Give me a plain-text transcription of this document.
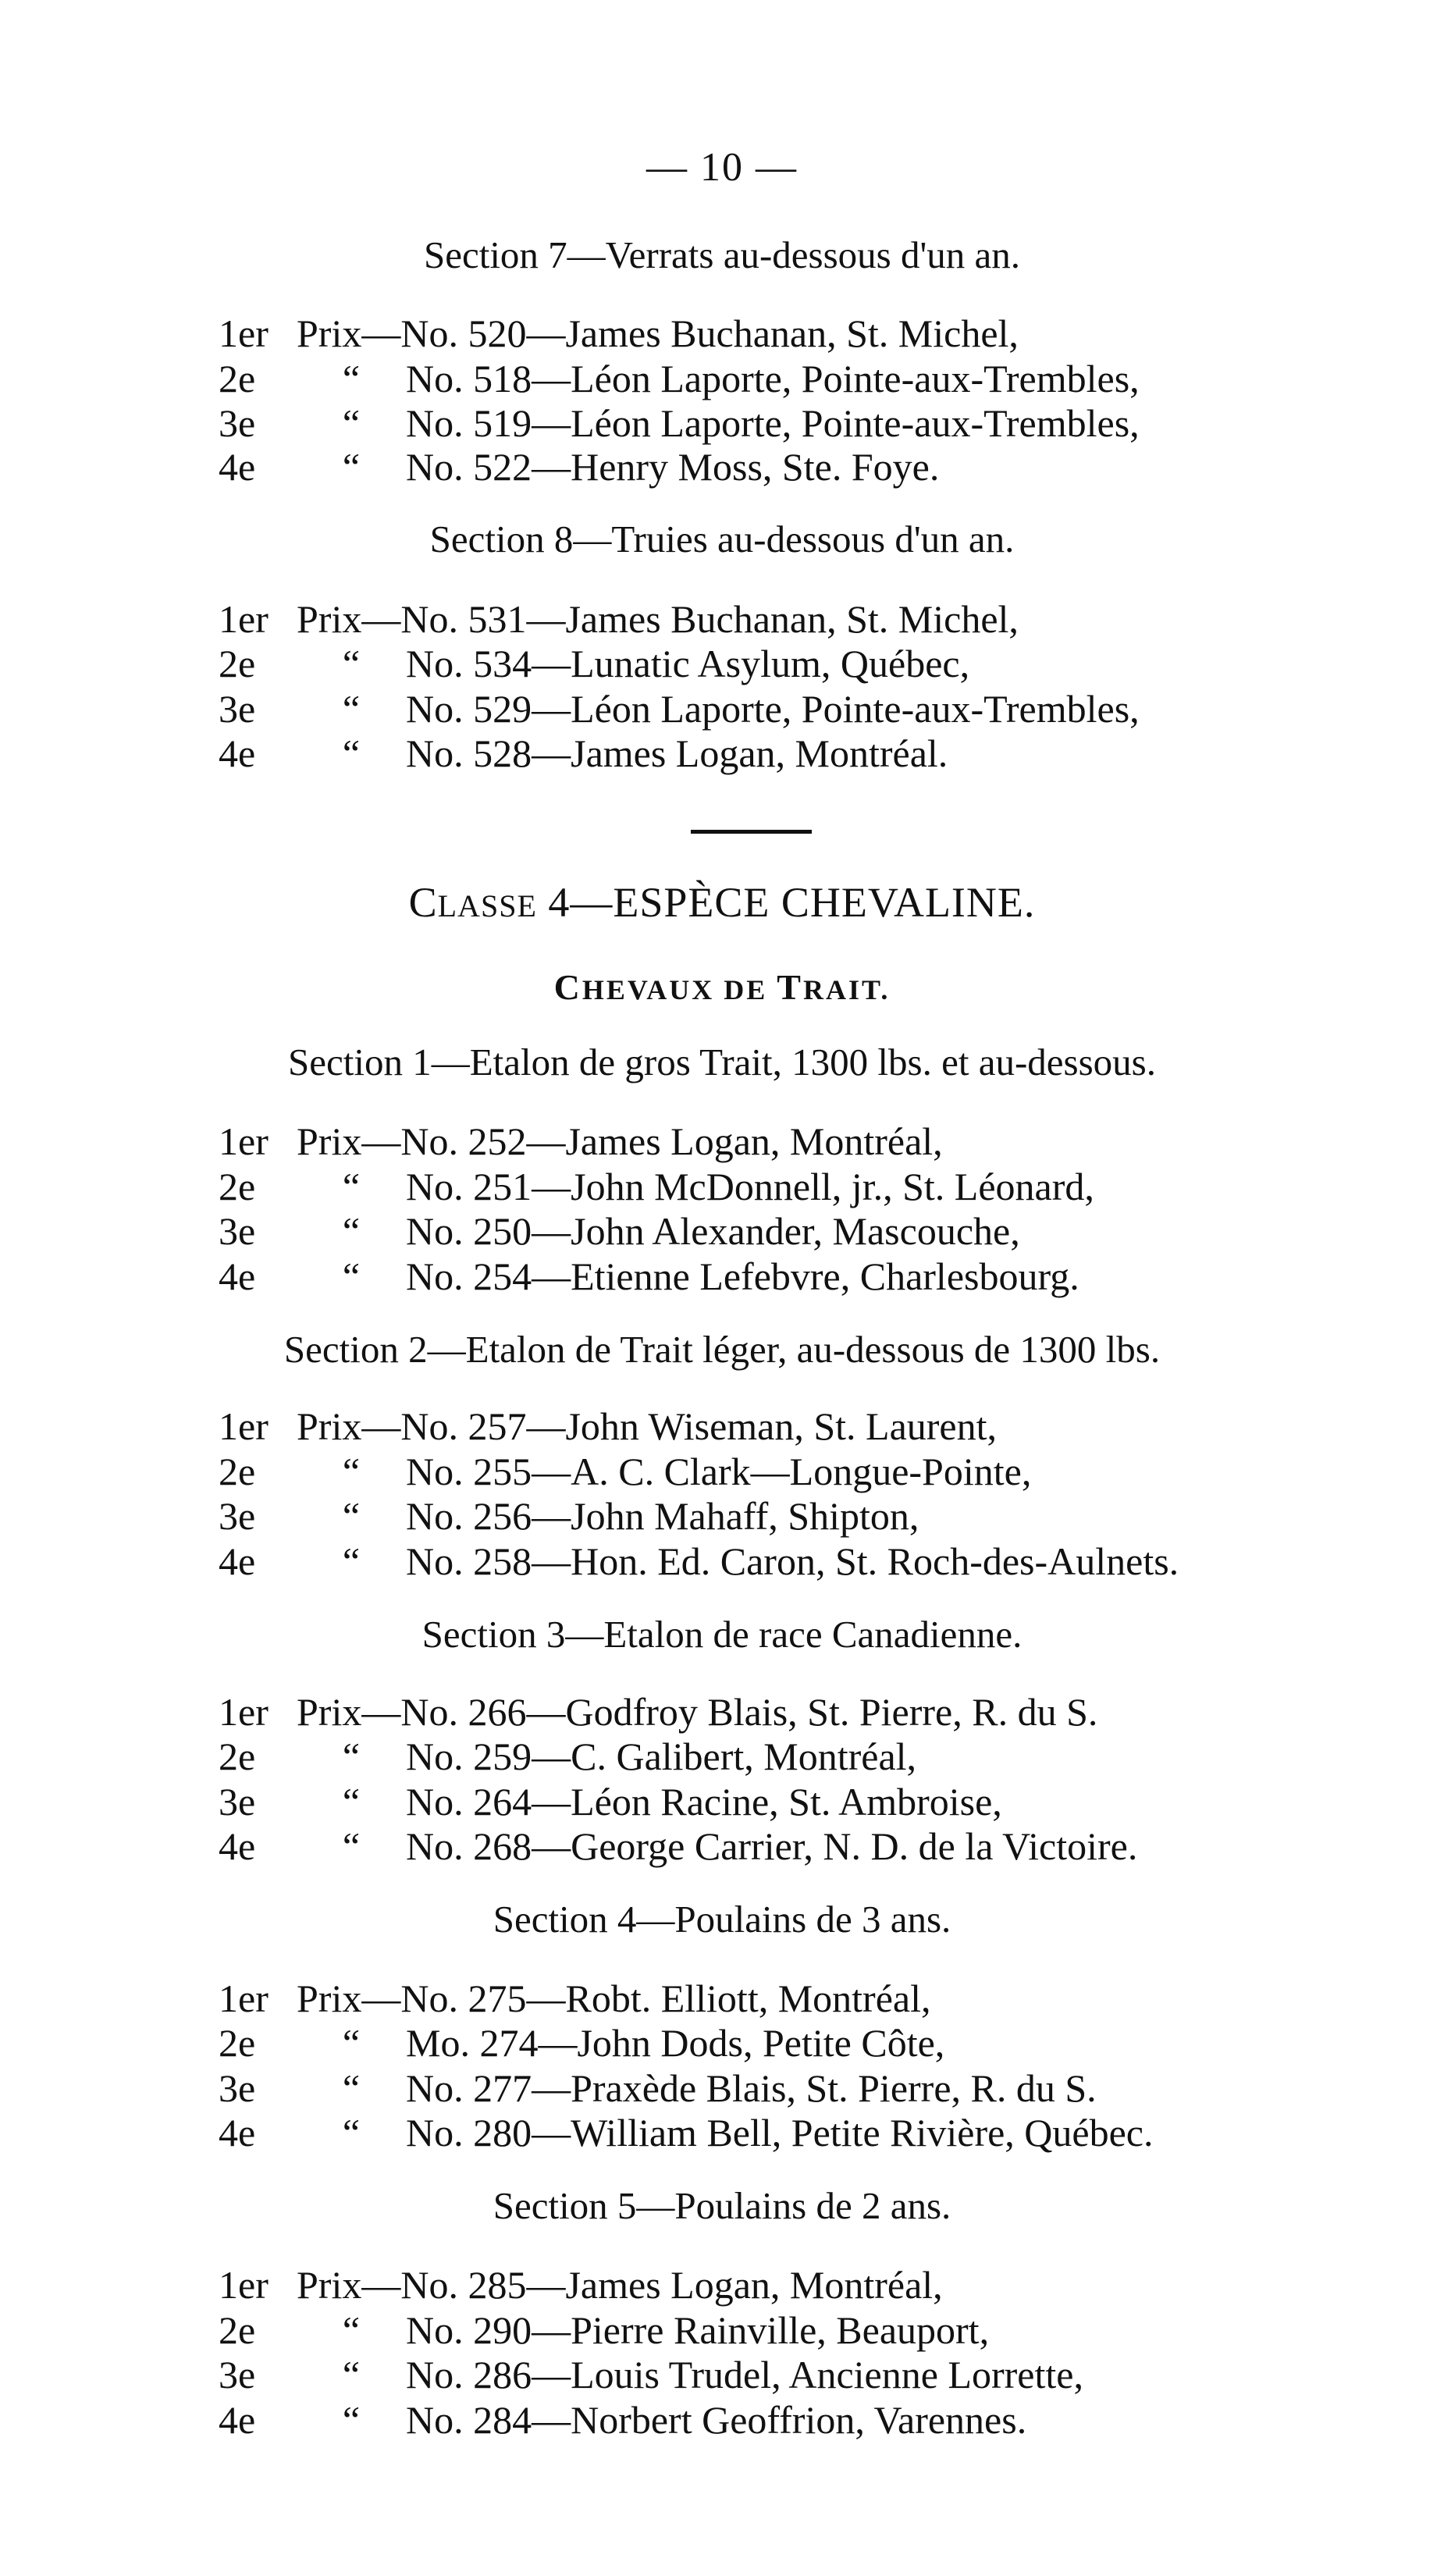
— 10 —
Section 7—Verrats au-dessous d'un an.
1er Prix—No. 520—James Buchanan, St. Michel,
2e “ No. 518—Léon Laporte, Pointe-aux-Trembles,
3e “ No. 519—Léon Laporte, Pointe-aux-Trembles,
4e “ No. 522—Henry Moss, Ste. Foye.
Section 8—Truies au-dessous d'un an.
1er Prix—No. 531—James Buchanan, St. Michel,
2e “ No. 534—Lunatic Asylum, Québec,
3e “ No. 529—Léon Laporte, Pointe-aux-Trembles,
4e “ No. 528—James Logan, Montréal.
CLASSE 4—ESPÈCE CHEVALINE.
CHEVAUX DE TRAIT.
Section 1—Etalon de gros Trait, 1300 lbs. et au-dessous.
1er Prix—No. 252—James Logan, Montréal,
2e “ No. 251—John McDonnell, jr., St. Léonard,
3e “ No. 250—John Alexander, Mascouche,
4e “ No. 254—Etienne Lefebvre, Charlesbourg.
Section 2—Etalon de Trait léger, au-dessous de 1300 lbs.
1er Prix—No. 257—John Wiseman, St. Laurent,
2e “ No. 255—A. C. Clark—Longue-Pointe,
3e “ No. 256—John Mahaff, Shipton,
4e “ No. 258—Hon. Ed. Caron, St. Roch-des-Aulnets.
Section 3—Etalon de race Canadienne.
1er Prix—No. 266—Godfroy Blais, St. Pierre, R. du S.
2e “ No. 259—C. Galibert, Montréal,
3e “ No. 264—Léon Racine, St. Ambroise,
4e “ No. 268—George Carrier, N. D. de la Victoire.
Section 4—Poulains de 3 ans.
1er Prix—No. 275—Robt. Elliott, Montréal,
2e “ Mo. 274—John Dods, Petite Côte,
3e “ No. 277—Praxède Blais, St. Pierre, R. du S.
4e “ No. 280—William Bell, Petite Rivière, Québec.
Section 5—Poulains de 2 ans.
1er Prix—No. 285—James Logan, Montréal,
2e “ No. 290—Pierre Rainville, Beauport,
3e “ No. 286—Louis Trudel, Ancienne Lorrette,
4e “ No. 284—Norbert Geoffrion, Varennes.
